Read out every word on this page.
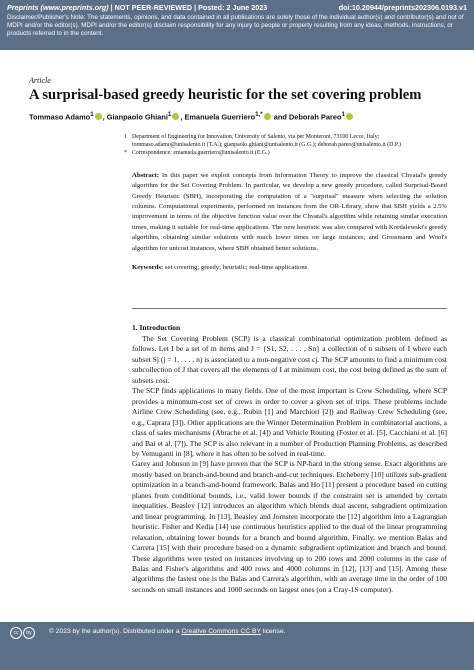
Preprints (www.preprints.org) | NOT PEER-REVIEWED | Posted: 2 June 2023	doi:10.20944/preprints202306.0193.v1
Disclaimer/Publisher's Note: The statements, opinions, and data contained in all publications are solely those of the individual author(s) and contributor(s) and not of MDPI and/or the editor(s). MDPI and/or the editor(s) disclaim responsibility for any injury to people or property resulting from any ideas, methods, instructions, or products referred to in the content.
Article
A surprisal-based greedy heuristic for the set covering problem
Tommaso Adamo$^1$ , Gianpaolo Ghiani$^1$ , Emanuela Guerriero$^{1,*}$ and Deborah Pareo$^1$
1 Department of Engineering for Innovation, University of Salento, via per Monteroni, 73100 Lecce, Italy; tommaso.adamo@unisalento.it (T.A.); gianpaolo.ghiani@unisalento.it (G.G.); deborah.pareo@unisalento.it (D.P.)
* Correspondence: emanuela.guerriero@unisalento.it (E.G.)
Abstract: In this paper we exploit concepts from Information Theory to improve the classical Chvatal's greedy algorithm for the Set Covering Problem. In particular, we develop a new greedy procedure, called Surprisal-Based Greedy Heuristic (SBH), incorporating the computation of a "surprisal" measure when selecting the solution columns. Computational experiments, performed on instances from the OR-Library, show that SBH yields a 2.5% improvement in terms of the objective function value over the Chvatal's algorithm while retaining similar execution times, making it suitable for real-time applications. The new heuristic was also compared with Kordalewski's greedy algorithm, obtaining similar solutions with much lower times on large instances, and Grossmann and Wool's algorithm for unicost instances, where SBH obtained better solutions.
Keywords: set covering; greedy; heuristic; real-time applications
1. Introduction

The Set Covering Problem (SCP) is a classical combinatorial optimization problem defined as follows. Let I be a set of m items and J = {S1, S2, . . . , Sn} a collection of n subsets of I where each subset Sj (j = 1, . . . , n) is associated to a non-negative cost cj. The SCP amounts to find a minimum cost subcollection of J that covers all the elements of I at minimum cost, the cost being defined as the sum of subsets cost.

The SCP finds applications in many fields. One of the most important is Crew Scheduling, where SCP provides a minumum-cost set of crews in order to cover a given set of trips. These problems include Airline Crew Scheduling (see, e.g., Rubin [1] and Marchiori [2]) and Railway Crew Scheduling (see, e.g., Caprara [3]). Other applications are the Winner Determination Problem in combinatorial auctions, a class of sales mechanisms (Abrache et al. [4]) and Vehicle Routing (Foster et al. [5], Cacchiani et al. [6] and Bai et al. [7]). The SCP is also relevant in a number of Production Planning Problems, as described by Vemuganti in [8], where it has often to be solved in real-time.

Garey and Johnson in [9] have proven that the SCP is NP-hard in the strong sense. Exact algorithms are mostly based on branch-and-bound and branch-and-cut techniques. Etcheberry [10] utilizes sub-gradient optimization in a branch-and-bound framework. Balas and Ho [11] present a procedure based on cutting planes from conditional bounds, i.e., valid lower bounds if the constraint set is amended by certain inequalities. Beasley [12] introduces an algorithm which blends dual ascent, subgradient optimization and linear programming. In [13], Beasley and Jornsten incorporate the [12] algorithm into a Lagrangian heuristic. Fisher and Kedia [14] use continuous heuristics applied to the dual of the linear programming relaxation, obtaining lower bounds for a branch and bound algorithm. Finally, we mention Balas and Carrera [15] with their procedure based on a dynamic subgradient optimization and branch and bound. These algorithms were tested on instances involving up to 200 rows and 2000 columns in the case of Balas and Fisher's algorithms and 400 rows and 4000 columns in [12], [13] and [15]. Among these algorithms the fastest one is the Balas and Carrera's algorithm, with an average time in the order of 100 seconds on small instances and 1000 seconds on largest ones (on a Cray-1S computer).

cc	by	© 2023 by the author(s). Distributed under a Creative Commons CC BY license.
